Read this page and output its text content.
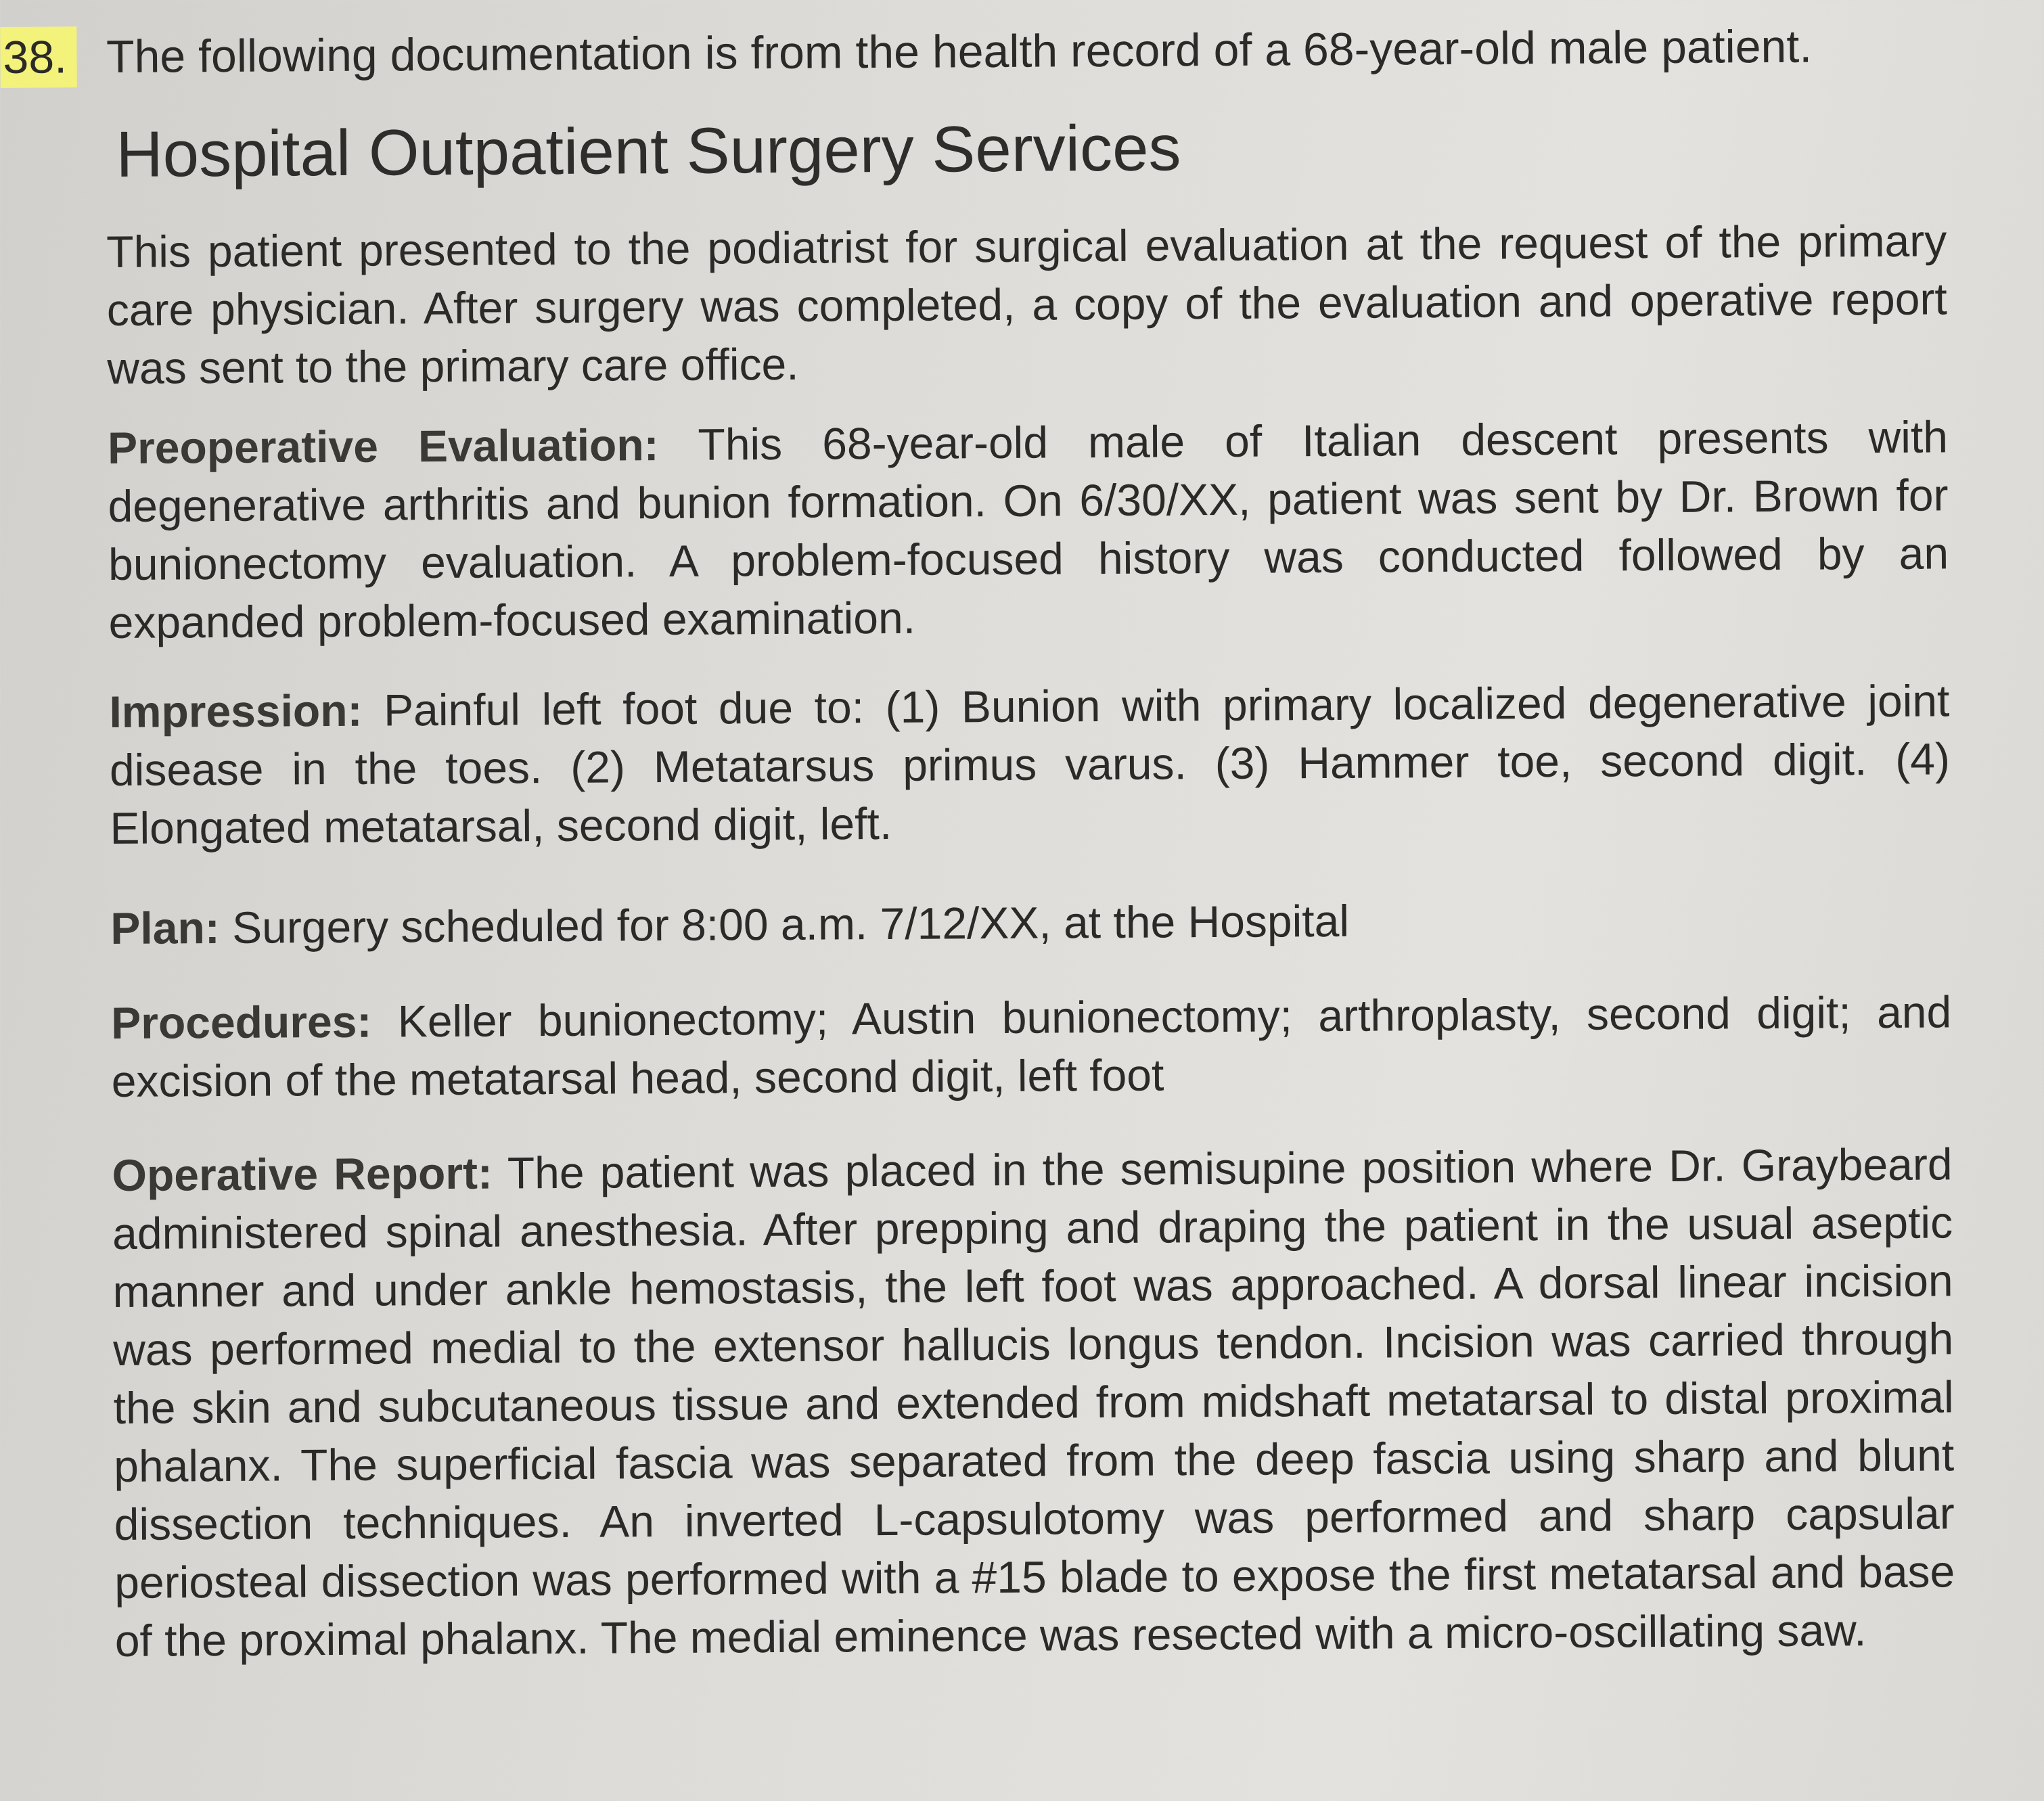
38. The following documentation is from the health record of a 68-year-old male patient.
Hospital Outpatient Surgery Services
This patient presented to the podiatrist for surgical evaluation at the request of the primary care physician. After surgery was completed, a copy of the evaluation and operative report was sent to the primary care office.
Preoperative Evaluation: This 68-year-old male of Italian descent presents with degenerative arthritis and bunion formation. On 6/30/XX, patient was sent by Dr. Brown for bunionectomy evaluation. A problem-focused history was conducted followed by an expanded problem-focused examination.
Impression: Painful left foot due to: (1) Bunion with primary localized degenerative joint disease in the toes. (2) Metatarsus primus varus. (3) Hammer toe, second digit. (4) Elongated metatarsal, second digit, left.
Plan: Surgery scheduled for 8:00 a.m. 7/12/XX, at the Hospital
Procedures: Keller bunionectomy; Austin bunionectomy; arthroplasty, second digit; and excision of the metatarsal head, second digit, left foot
Operative Report: The patient was placed in the semisupine position where Dr. Graybeard administered spinal anesthesia. After prepping and draping the patient in the usual aseptic manner and under ankle hemostasis, the left foot was approached. A dorsal linear incision was performed medial to the extensor hallucis longus tendon. Incision was carried through the skin and subcutaneous tissue and extended from midshaft metatarsal to distal proximal phalanx. The superficial fascia was separated from the deep fascia using sharp and blunt dissection techniques. An inverted L-capsulotomy was performed and sharp capsular periosteal dissection was performed with a #15 blade to expose the first metatarsal and base of the proximal phalanx. The medial eminence was resected with a micro-oscillating saw.
